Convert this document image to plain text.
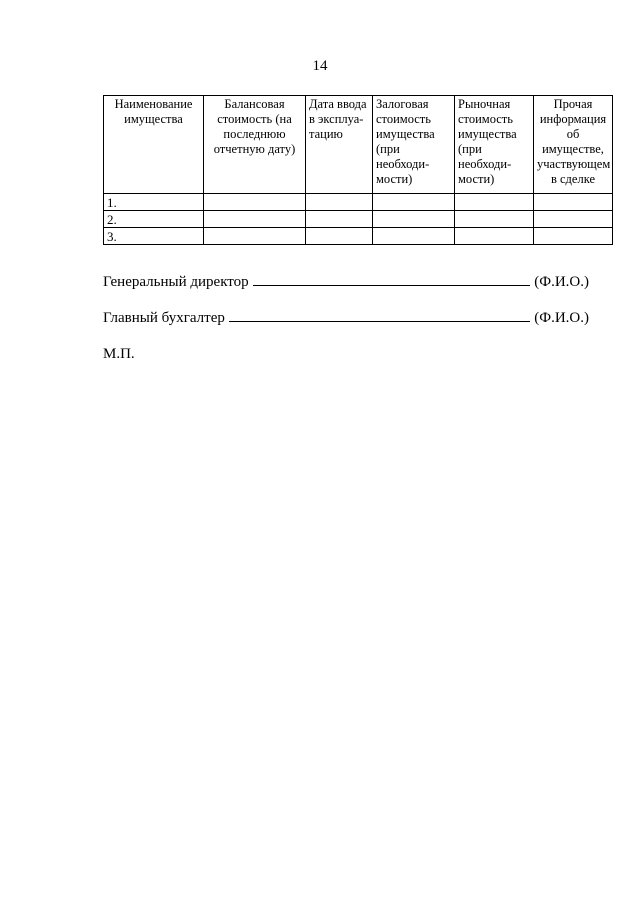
14
Наименование имущества	Балансовая стоимость (на последнюю отчетную дату)	Дата ввода в эксплуа-тацию	Залоговая стоимость имущества (при необходи-мости)	Рыночная стоимость имущества (при необходи-мости)	Прочая информация об имуществе, участвующем в сделке
1.					
2.					
3.					
Генеральный директор	(Ф.И.О.)
Главный бухгалтер	(Ф.И.О.)
М.П.
